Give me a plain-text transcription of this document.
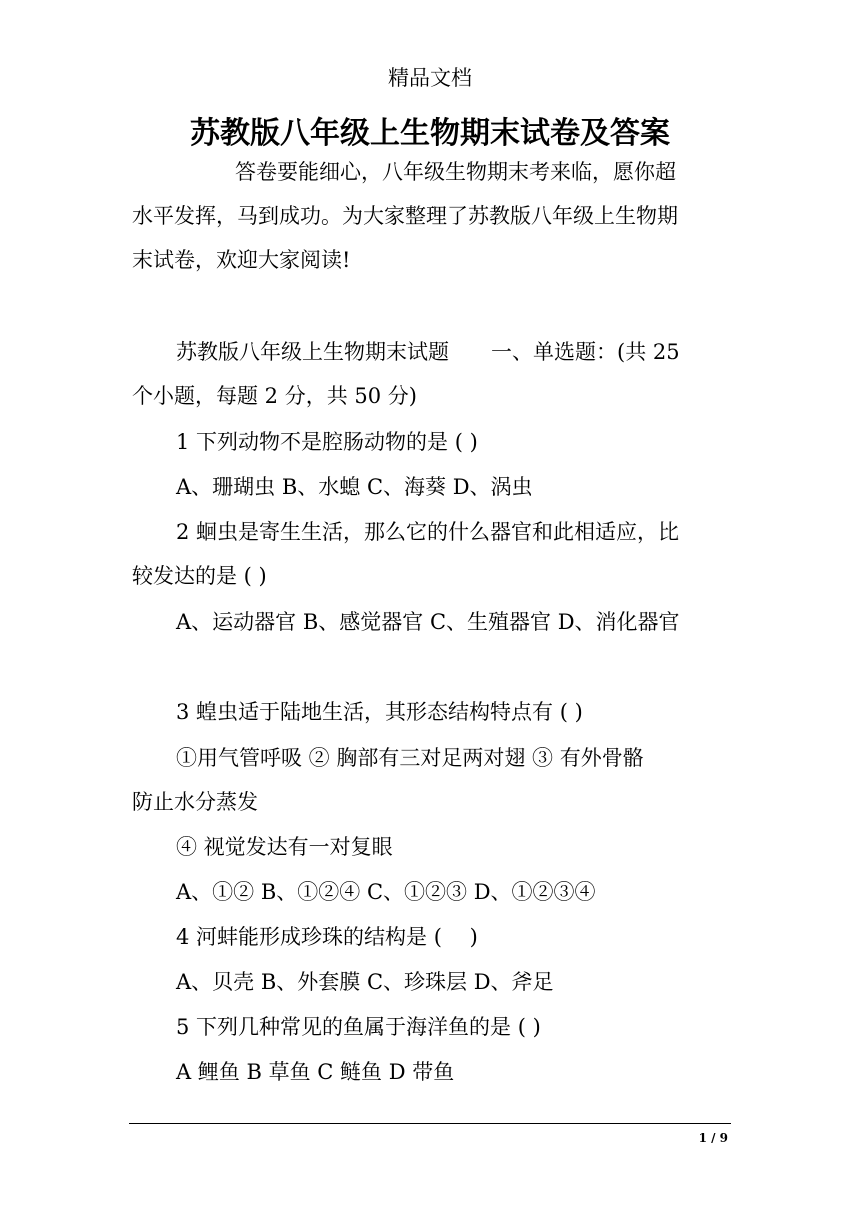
精品文档
苏教版八年级上生物期末试卷及答案
答卷要能细心，八年级生物期末考来临，愿你超
水平发挥，马到成功。为大家整理了苏教版八年级上生物期
末试卷，欢迎大家阅读!
苏教版八年级上生物期末试题　　一、单选题：(共 25
个小题，每题 2 分，共 50 分)
1 下列动物不是腔肠动物的是 ( )
A、珊瑚虫 B、水螅 C、海葵 D、涡虫
2 蛔虫是寄生生活，那么它的什么器官和此相适应，比
较发达的是 ( )
A、运动器官 B、感觉器官 C、生殖器官 D、消化器官
3 蝗虫适于陆地生活，其形态结构特点有 ( )
①用气管呼吸 ② 胸部有三对足两对翅 ③ 有外骨骼
防止水分蒸发
④ 视觉发达有一对复眼
A、①② B、①②④ C、①②③ D、①②③④
4 河蚌能形成珍珠的结构是 (　 )
A、贝壳 B、外套膜 C、珍珠层 D、斧足
5 下列几种常见的鱼属于海洋鱼的是 ( )
A 鲤鱼 B 草鱼 C 鲢鱼 D 带鱼
1 / 9
